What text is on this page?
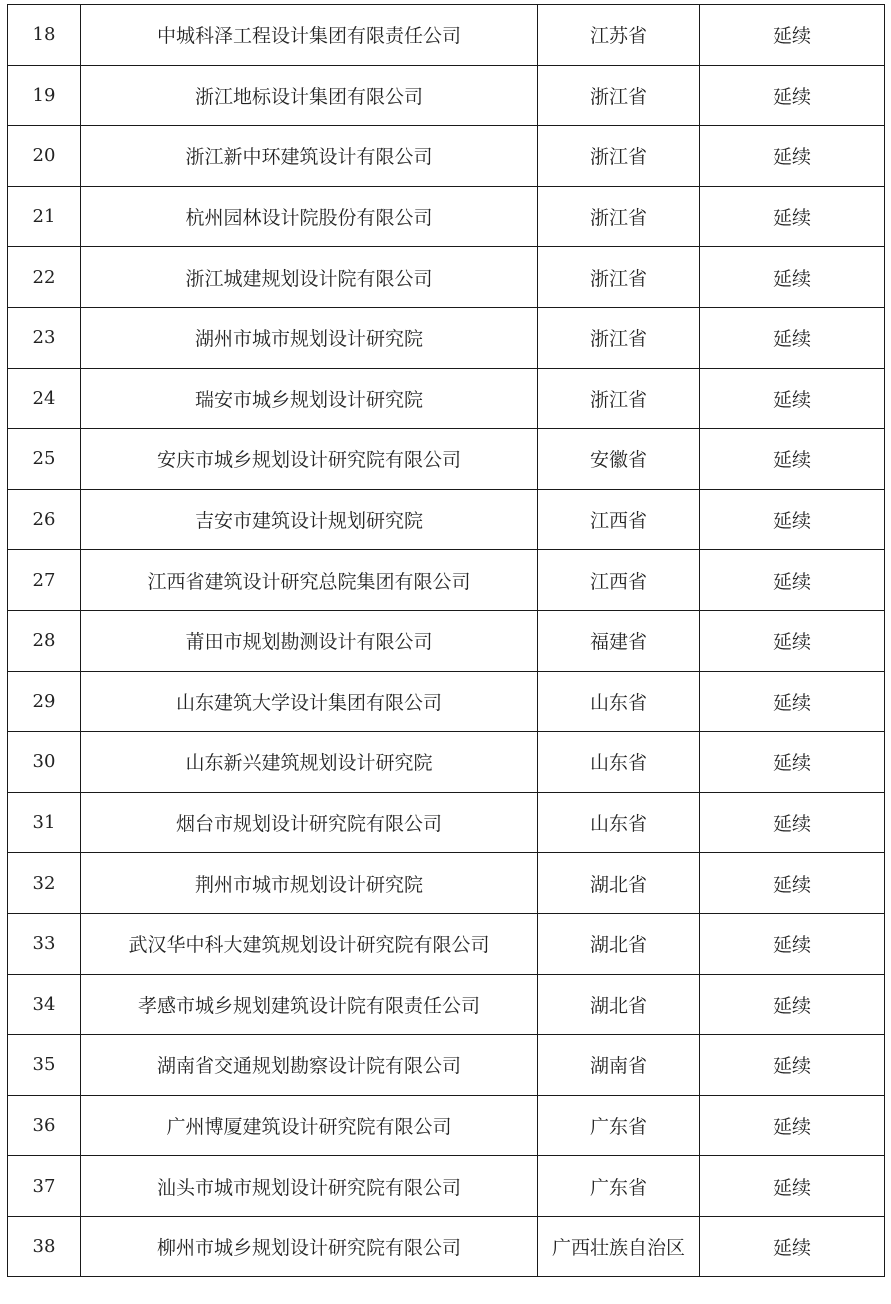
18	中城科泽工程设计集团有限责任公司	江苏省	延续
19	浙江地标设计集团有限公司	浙江省	延续
20	浙江新中环建筑设计有限公司	浙江省	延续
21	杭州园林设计院股份有限公司	浙江省	延续
22	浙江城建规划设计院有限公司	浙江省	延续
23	湖州市城市规划设计研究院	浙江省	延续
24	瑞安市城乡规划设计研究院	浙江省	延续
25	安庆市城乡规划设计研究院有限公司	安徽省	延续
26	吉安市建筑设计规划研究院	江西省	延续
27	江西省建筑设计研究总院集团有限公司	江西省	延续
28	莆田市规划勘测设计有限公司	福建省	延续
29	山东建筑大学设计集团有限公司	山东省	延续
30	山东新兴建筑规划设计研究院	山东省	延续
31	烟台市规划设计研究院有限公司	山东省	延续
32	荆州市城市规划设计研究院	湖北省	延续
33	武汉华中科大建筑规划设计研究院有限公司	湖北省	延续
34	孝感市城乡规划建筑设计院有限责任公司	湖北省	延续
35	湖南省交通规划勘察设计院有限公司	湖南省	延续
36	广州博厦建筑设计研究院有限公司	广东省	延续
37	汕头市城市规划设计研究院有限公司	广东省	延续
38	柳州市城乡规划设计研究院有限公司	广西壮族自治区	延续
